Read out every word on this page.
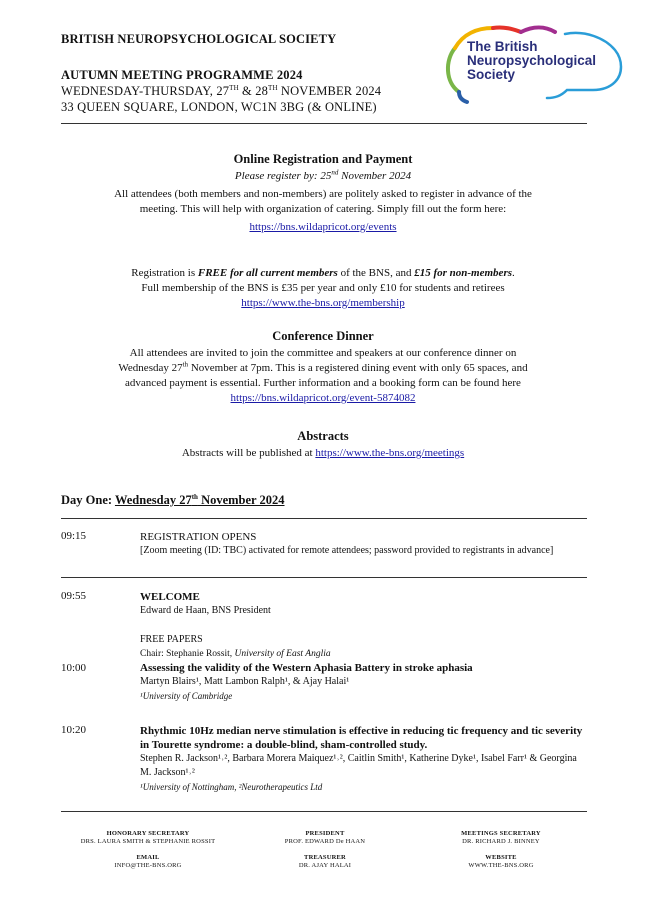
BRITISH NEUROPSYCHOLOGICAL SOCIETY
AUTUMN MEETING PROGRAMME 2024
WEDNESDAY-THURSDAY, 27TH & 28TH NOVEMBER 2024
33 QUEEN SQUARE, LONDON, WC1N 3BG (& ONLINE)
The British
Neuropsychological
Society
Online Registration and Payment
Please register by: 25nd November 2024
All attendees (both members and non-members) are politely asked to register in advance of the
meeting. This will help with organization of catering. Simply fill out the form here:
https://bns.wildapricot.org/events
Registration is FREE for all current members of the BNS, and £15 for non-members.
Full membership of the BNS is £35 per year and only £10 for students and retirees
https://www.the-bns.org/membership
Conference Dinner
All attendees are invited to join the committee and speakers at our conference dinner on
Wednesday 27th November at 7pm. This is a registered dining event with only 65 spaces, and
advanced payment is essential. Further information and a booking form can be found here
https://bns.wildapricot.org/event-5874082
Abstracts
Abstracts will be published at https://www.the-bns.org/meetings
Day One: Wednesday 27th November 2024
09:15	REGISTRATION OPENS
[Zoom meeting (ID: TBC) activated for remote attendees; password provided to registrants in advance]
09:55	WELCOME
Edward de Haan, BNS President
FREE PAPERS
Chair: Stephanie Rossit, University of East Anglia
10:00	Assessing the validity of the Western Aphasia Battery in stroke aphasia
Martyn Blairs¹, Matt Lambon Ralph¹, & Ajay Halai¹
¹University of Cambridge
10:20	Rhythmic 10Hz median nerve stimulation is effective in reducing tic frequency and tic severity in Tourette syndrome: a double-blind, sham-controlled study.
Stephen R. Jackson¹˒², Barbara Morera Maiquez¹˒², Caitlin Smith¹, Katherine Dyke¹, Isabel Farr¹ & Georgina M. Jackson¹˒²
¹University of Nottingham, ²Neurotherapeutics Ltd
HONORARY SECRETARY
DRS. LAURA SMITH & STEPHANIE ROSSIT
EMAIL
INFO@THE-BNS.ORG
PRESIDENT
PROF. EDWARD De HAAN
TREASURER
DR. AJAY HALAI
MEETINGS SECRETARY
DR. RICHARD J. BINNEY
WEBSITE
WWW.THE-BNS.ORG
